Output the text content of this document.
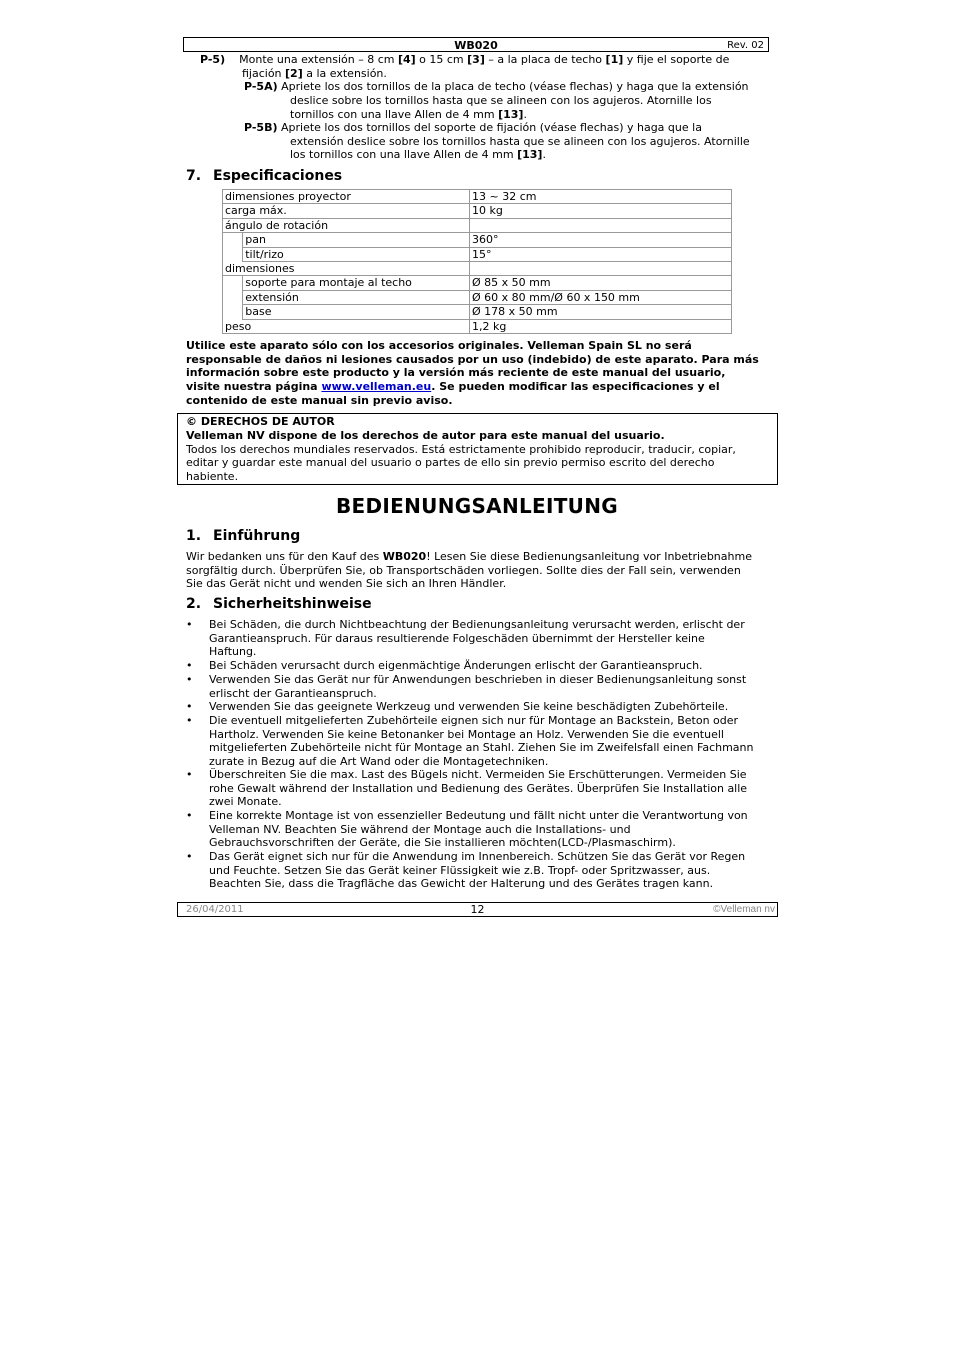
WB020	Rev. 02
P-5) Monte una extensión – 8 cm [4] o 15 cm [3] – a la placa de techo [1] y fije el soporte de
fijación [2] a la extensión.
P-5A) Apriete los dos tornillos de la placa de techo (véase flechas) y haga que la extensión
deslice sobre los tornillos hasta que se alineen con los agujeros. Atornille los
tornillos con una llave Allen de 4 mm [13].
P-5B) Apriete los dos tornillos del soporte de fijación (véase flechas) y haga que la
extensión deslice sobre los tornillos hasta que se alineen con los agujeros. Atornille
los tornillos con una llave Allen de 4 mm [13].
7. Especificaciones
dimensiones proyector		13 ~ 32 cm
carga máx.		10 kg
ángulo de rotación		
	pan	360°
	tilt/rizo	15°
dimensiones		
	soporte para montaje al techo	Ø 85 x 50 mm
	extensión	Ø 60 x 80 mm/Ø 60 x 150 mm
	base	Ø 178 x 50 mm
peso		1,2 kg
Utilice este aparato sólo con los accesorios originales. Velleman Spain SL no será
responsable de daños ni lesiones causados por un uso (indebido) de este aparato. Para más
información sobre este producto y la versión más reciente de este manual del usuario,
visite nuestra página www.velleman.eu. Se pueden modificar las especificaciones y el
contenido de este manual sin previo aviso.
© DERECHOS DE AUTOR
Velleman NV dispone de los derechos de autor para este manual del usuario.
Todos los derechos mundiales reservados. Está estrictamente prohibido reproducir, traducir, copiar,
editar y guardar este manual del usuario o partes de ello sin previo permiso escrito del derecho
habiente.
BEDIENUNGSANLEITUNG
1. Einführung
Wir bedanken uns für den Kauf des WB020! Lesen Sie diese Bedienungsanleitung vor Inbetriebnahme
sorgfältig durch. Überprüfen Sie, ob Transportschäden vorliegen. Sollte dies der Fall sein, verwenden
Sie das Gerät nicht und wenden Sie sich an Ihren Händler.
2. Sicherheitshinweise
• Bei Schäden, die durch Nichtbeachtung der Bedienungsanleitung verursacht werden, erlischt der
Garantieanspruch. Für daraus resultierende Folgeschäden übernimmt der Hersteller keine
Haftung.
• Bei Schäden verursacht durch eigenmächtige Änderungen erlischt der Garantieanspruch.
• Verwenden Sie das Gerät nur für Anwendungen beschrieben in dieser Bedienungsanleitung sonst
erlischt der Garantieanspruch.
• Verwenden Sie das geeignete Werkzeug und verwenden Sie keine beschädigten Zubehörteile.
• Die eventuell mitgelieferten Zubehörteile eignen sich nur für Montage an Backstein, Beton oder
Hartholz. Verwenden Sie keine Betonanker bei Montage an Holz. Verwenden Sie die eventuell
mitgelieferten Zubehörteile nicht für Montage an Stahl. Ziehen Sie im Zweifelsfall einen Fachmann
zurate in Bezug auf die Art Wand oder die Montagetechniken.
• Überschreiten Sie die max. Last des Bügels nicht. Vermeiden Sie Erschütterungen. Vermeiden Sie
rohe Gewalt während der Installation und Bedienung des Gerätes. Überprüfen Sie Installation alle
zwei Monate.
• Eine korrekte Montage ist von essenzieller Bedeutung und fällt nicht unter die Verantwortung von
Velleman NV. Beachten Sie während der Montage auch die Installations- und
Gebrauchsvorschriften der Geräte, die Sie installieren möchten(LCD-/Plasmaschirm).
• Das Gerät eignet sich nur für die Anwendung im Innenbereich. Schützen Sie das Gerät vor Regen
und Feuchte. Setzen Sie das Gerät keiner Flüssigkeit wie z.B. Tropf- oder Spritzwasser, aus.
Beachten Sie, dass die Tragfläche das Gewicht der Halterung und des Gerätes tragen kann.
26/04/2011	12	©Velleman nv
